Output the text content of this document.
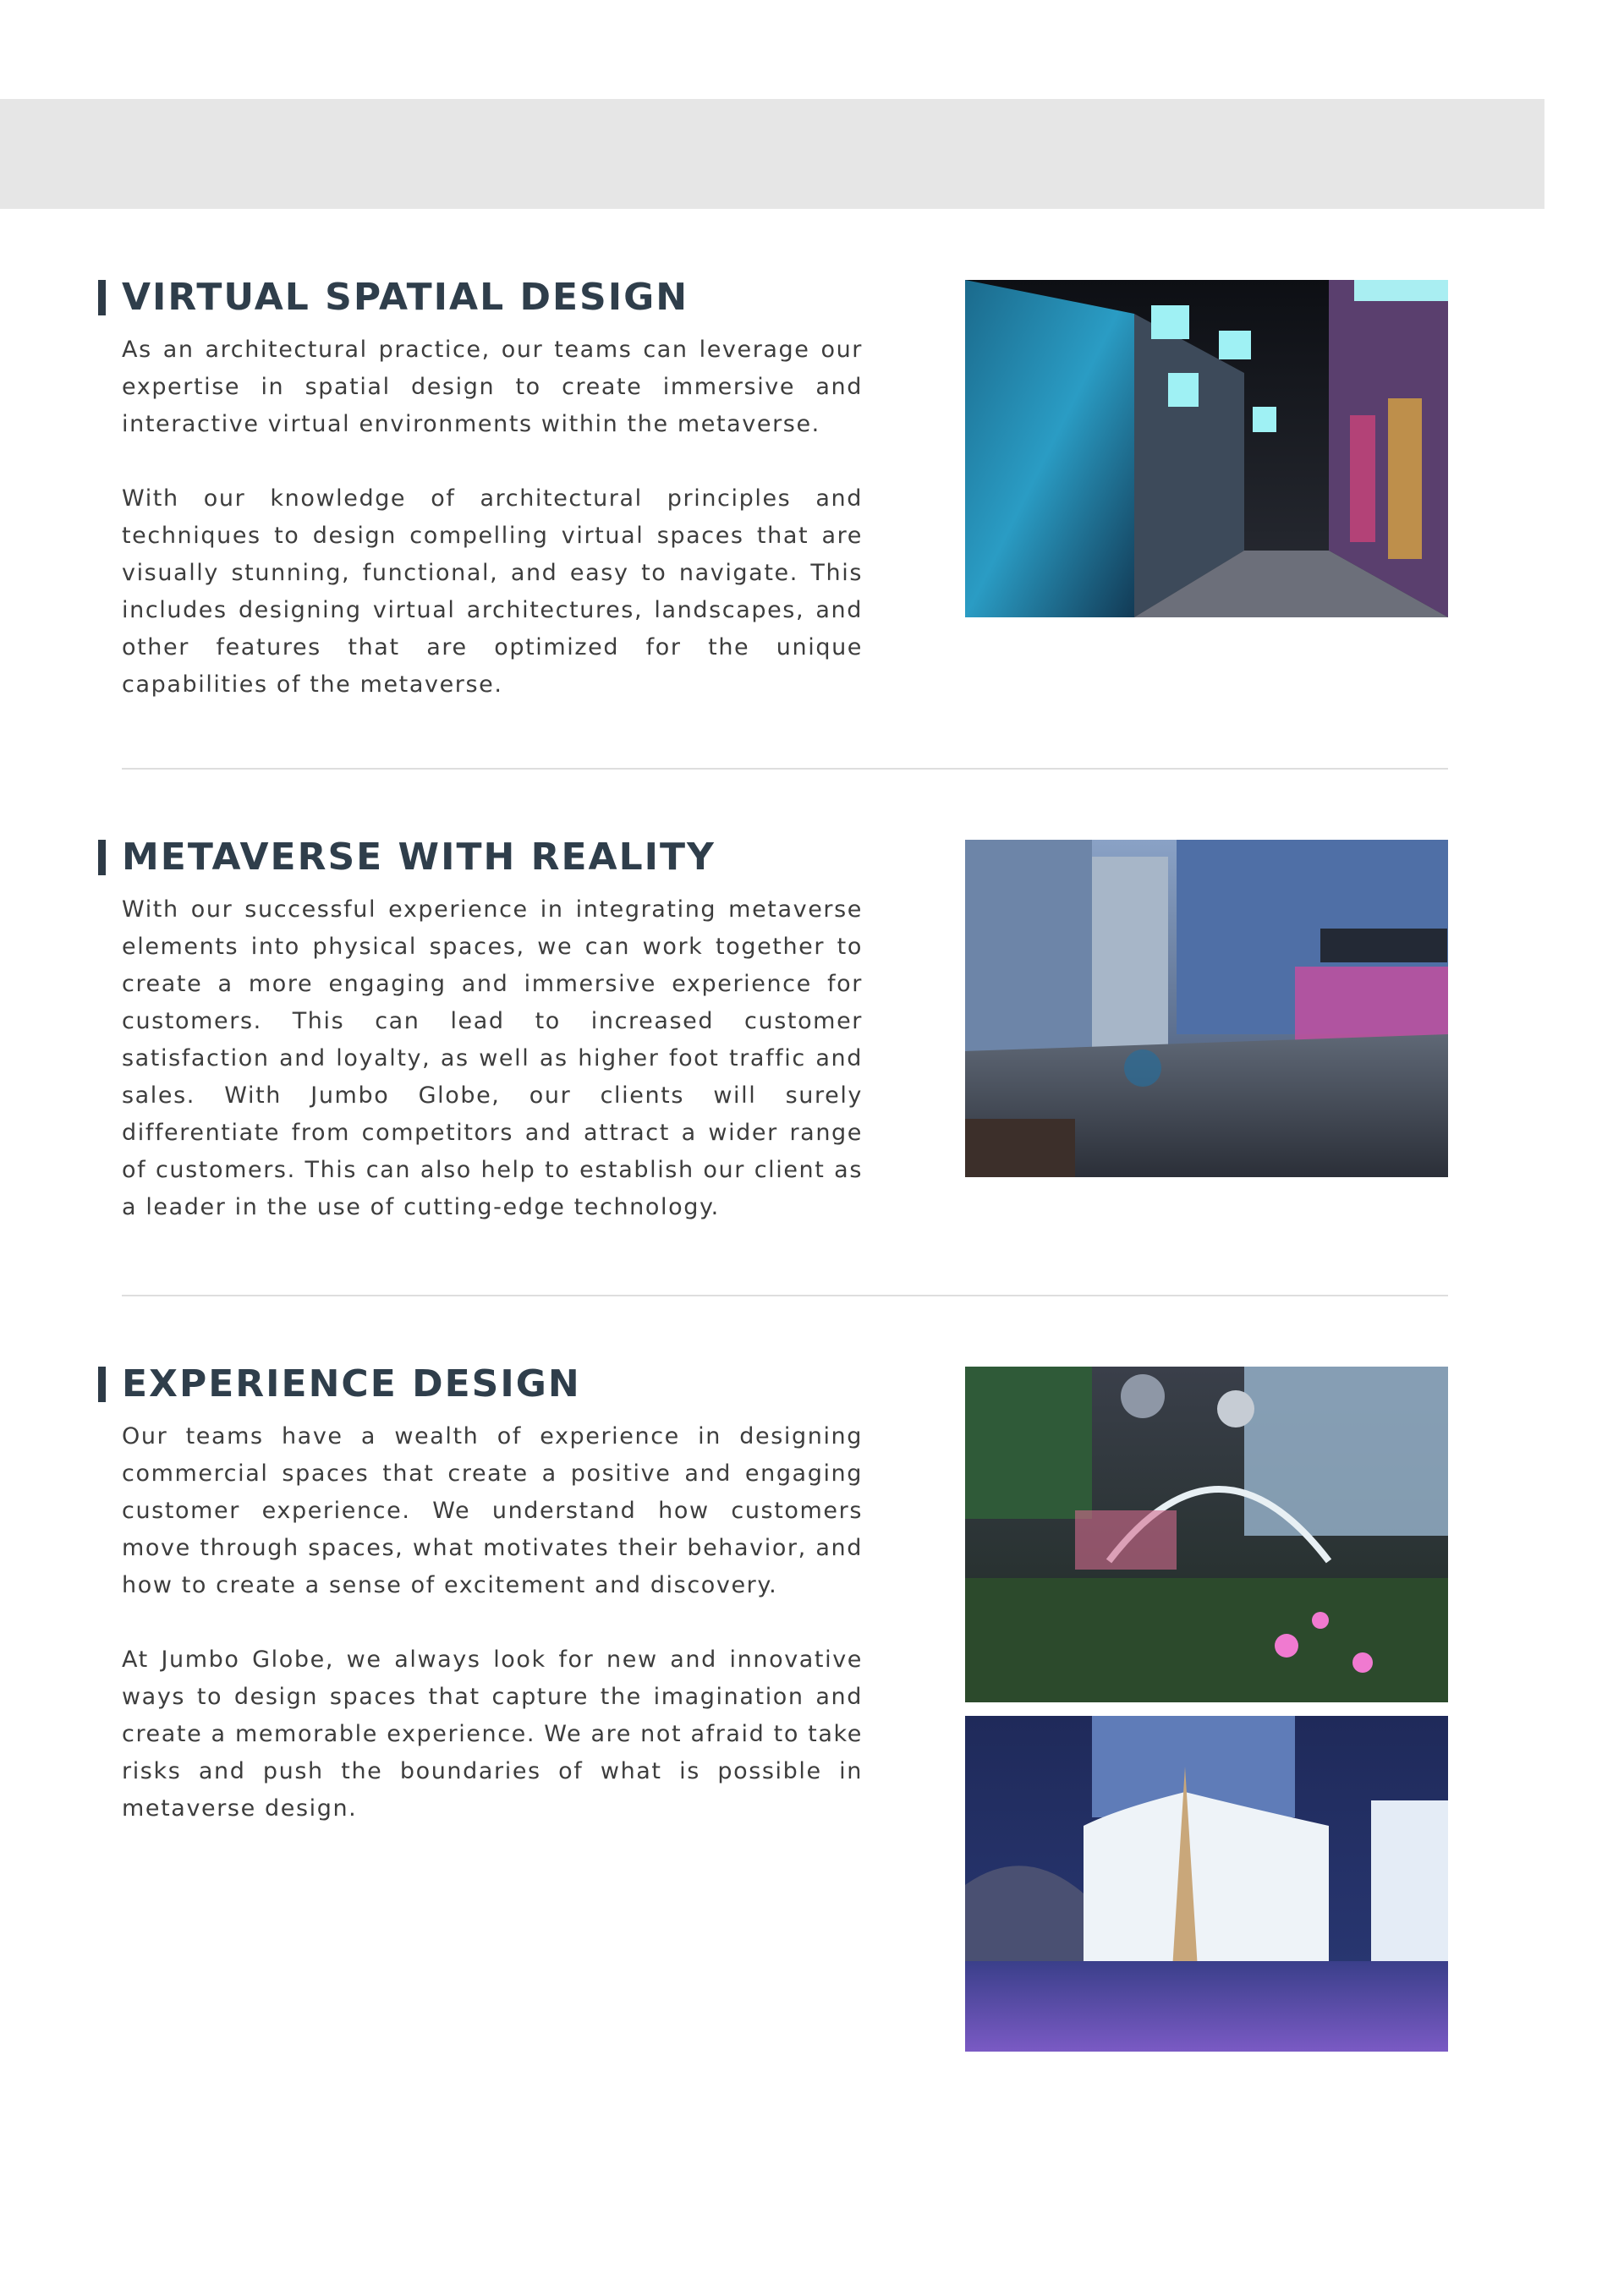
VIRTUAL SPATIAL DESIGN

As an architectural practice, our teams can leverage our expertise in spatial design to create immersive and interactive virtual environments within the metaverse.

With our knowledge of architectural principles and techniques to design compelling virtual spaces that are visually stunning, functional, and easy to navigate. This includes designing virtual architectures, landscapes, and other features that are optimized for the unique capabilities of the metaverse.

METAVERSE WITH REALITY

With our successful experience in integrating metaverse elements into physical spaces, we can work together to create a more engaging and immersive experience for customers. This can lead to increased customer satisfaction and loyalty, as well as higher foot traffic and sales. With Jumbo Globe, our clients will surely differentiate from competitors and attract a wider range of customers. This can also help to establish our client as a leader in the use of cutting-edge technology.

EXPERIENCE DESIGN

Our teams have a wealth of experience in designing commercial spaces that create a positive and engaging customer experience. We understand how customers move through spaces, what motivates their behavior, and how to create a sense of excitement and discovery.

At Jumbo Globe, we always look for new and innovative ways to design spaces that capture the imagination and create a memorable experience. We are not afraid to take risks and push the boundaries of what is possible in metaverse design.
